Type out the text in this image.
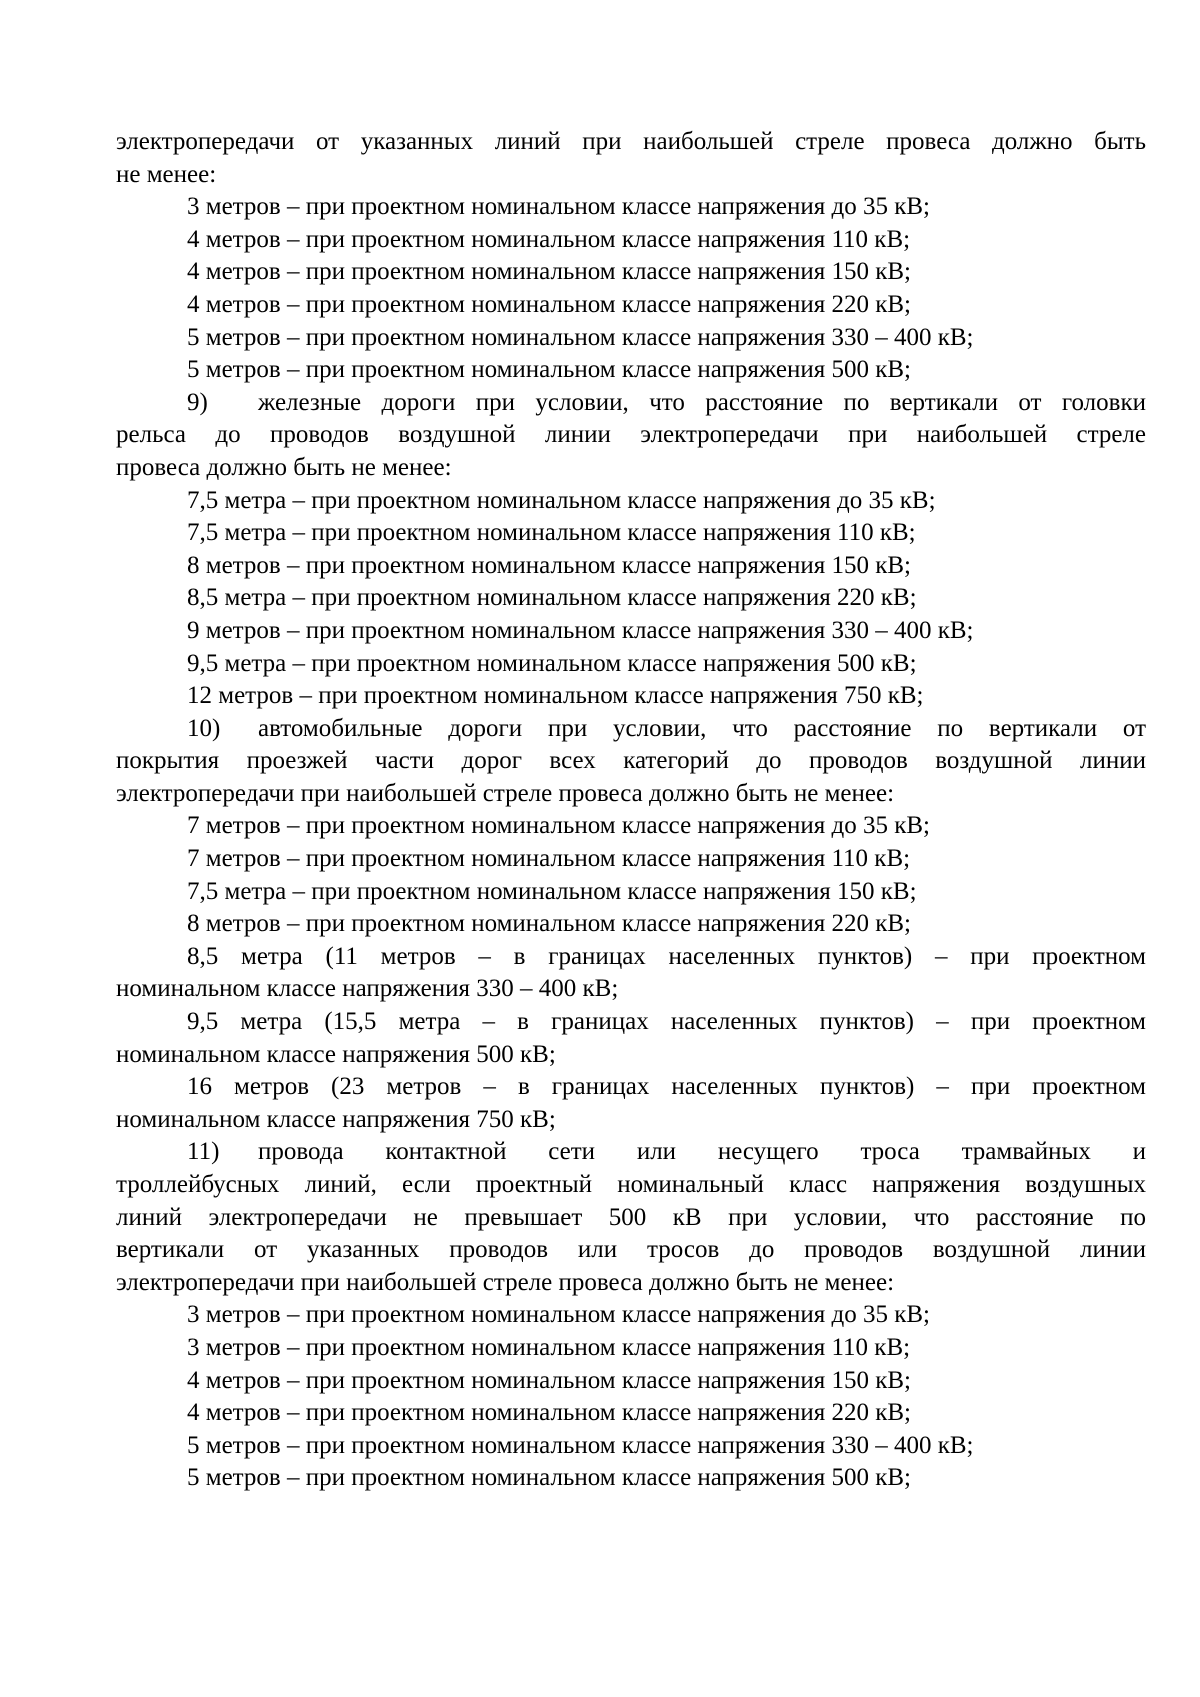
электропередачи от указанных линий при наибольшей стреле провеса должно быть
не менее:
3 метров – при проектном номинальном классе напряжения до 35 кВ;
4 метров – при проектном номинальном классе напряжения 110 кВ;
4 метров – при проектном номинальном классе напряжения 150 кВ;
4 метров – при проектном номинальном классе напряжения 220 кВ;
5 метров – при проектном номинальном классе напряжения 330 – 400 кВ;
5 метров – при проектном номинальном классе напряжения 500 кВ;
9)	железные дороги при условии, что расстояние по вертикали от головки
рельса до проводов воздушной линии электропередачи при наибольшей стреле
провеса должно быть не менее:
7,5 метра – при проектном номинальном классе напряжения до 35 кВ;
7,5 метра – при проектном номинальном классе напряжения 110 кВ;
8 метров – при проектном номинальном классе напряжения 150 кВ;
8,5 метра – при проектном номинальном классе напряжения 220 кВ;
9 метров – при проектном номинальном классе напряжения 330 – 400 кВ;
9,5 метра – при проектном номинальном классе напряжения 500 кВ;
12 метров – при проектном номинальном классе напряжения 750 кВ;
10)	автомобильные дороги при условии, что расстояние по вертикали от
покрытия проезжей части дорог всех категорий до проводов воздушной линии
электропередачи при наибольшей стреле провеса должно быть не менее:
7 метров – при проектном номинальном классе напряжения до 35 кВ;
7 метров – при проектном номинальном классе напряжения 110 кВ;
7,5 метра – при проектном номинальном классе напряжения 150 кВ;
8 метров – при проектном номинальном классе напряжения 220 кВ;
8,5 метра (11 метров – в границах населенных пунктов) – при проектном
номинальном классе напряжения 330 – 400 кВ;
9,5 метра (15,5 метра – в границах населенных пунктов) – при проектном
номинальном классе напряжения 500 кВ;
16 метров (23 метров – в границах населенных пунктов) – при проектном
номинальном классе напряжения 750 кВ;
11)	провода контактной сети или несущего троса трамвайных и
троллейбусных линий, если проектный номинальный класс напряжения воздушных
линий электропередачи не превышает 500 кВ при условии, что расстояние по
вертикали от указанных проводов или тросов до проводов воздушной линии
электропередачи при наибольшей стреле провеса должно быть не менее:
3 метров – при проектном номинальном классе напряжения до 35 кВ;
3 метров – при проектном номинальном классе напряжения 110 кВ;
4 метров – при проектном номинальном классе напряжения 150 кВ;
4 метров – при проектном номинальном классе напряжения 220 кВ;
5 метров – при проектном номинальном классе напряжения 330 – 400 кВ;
5 метров – при проектном номинальном классе напряжения 500 кВ;
